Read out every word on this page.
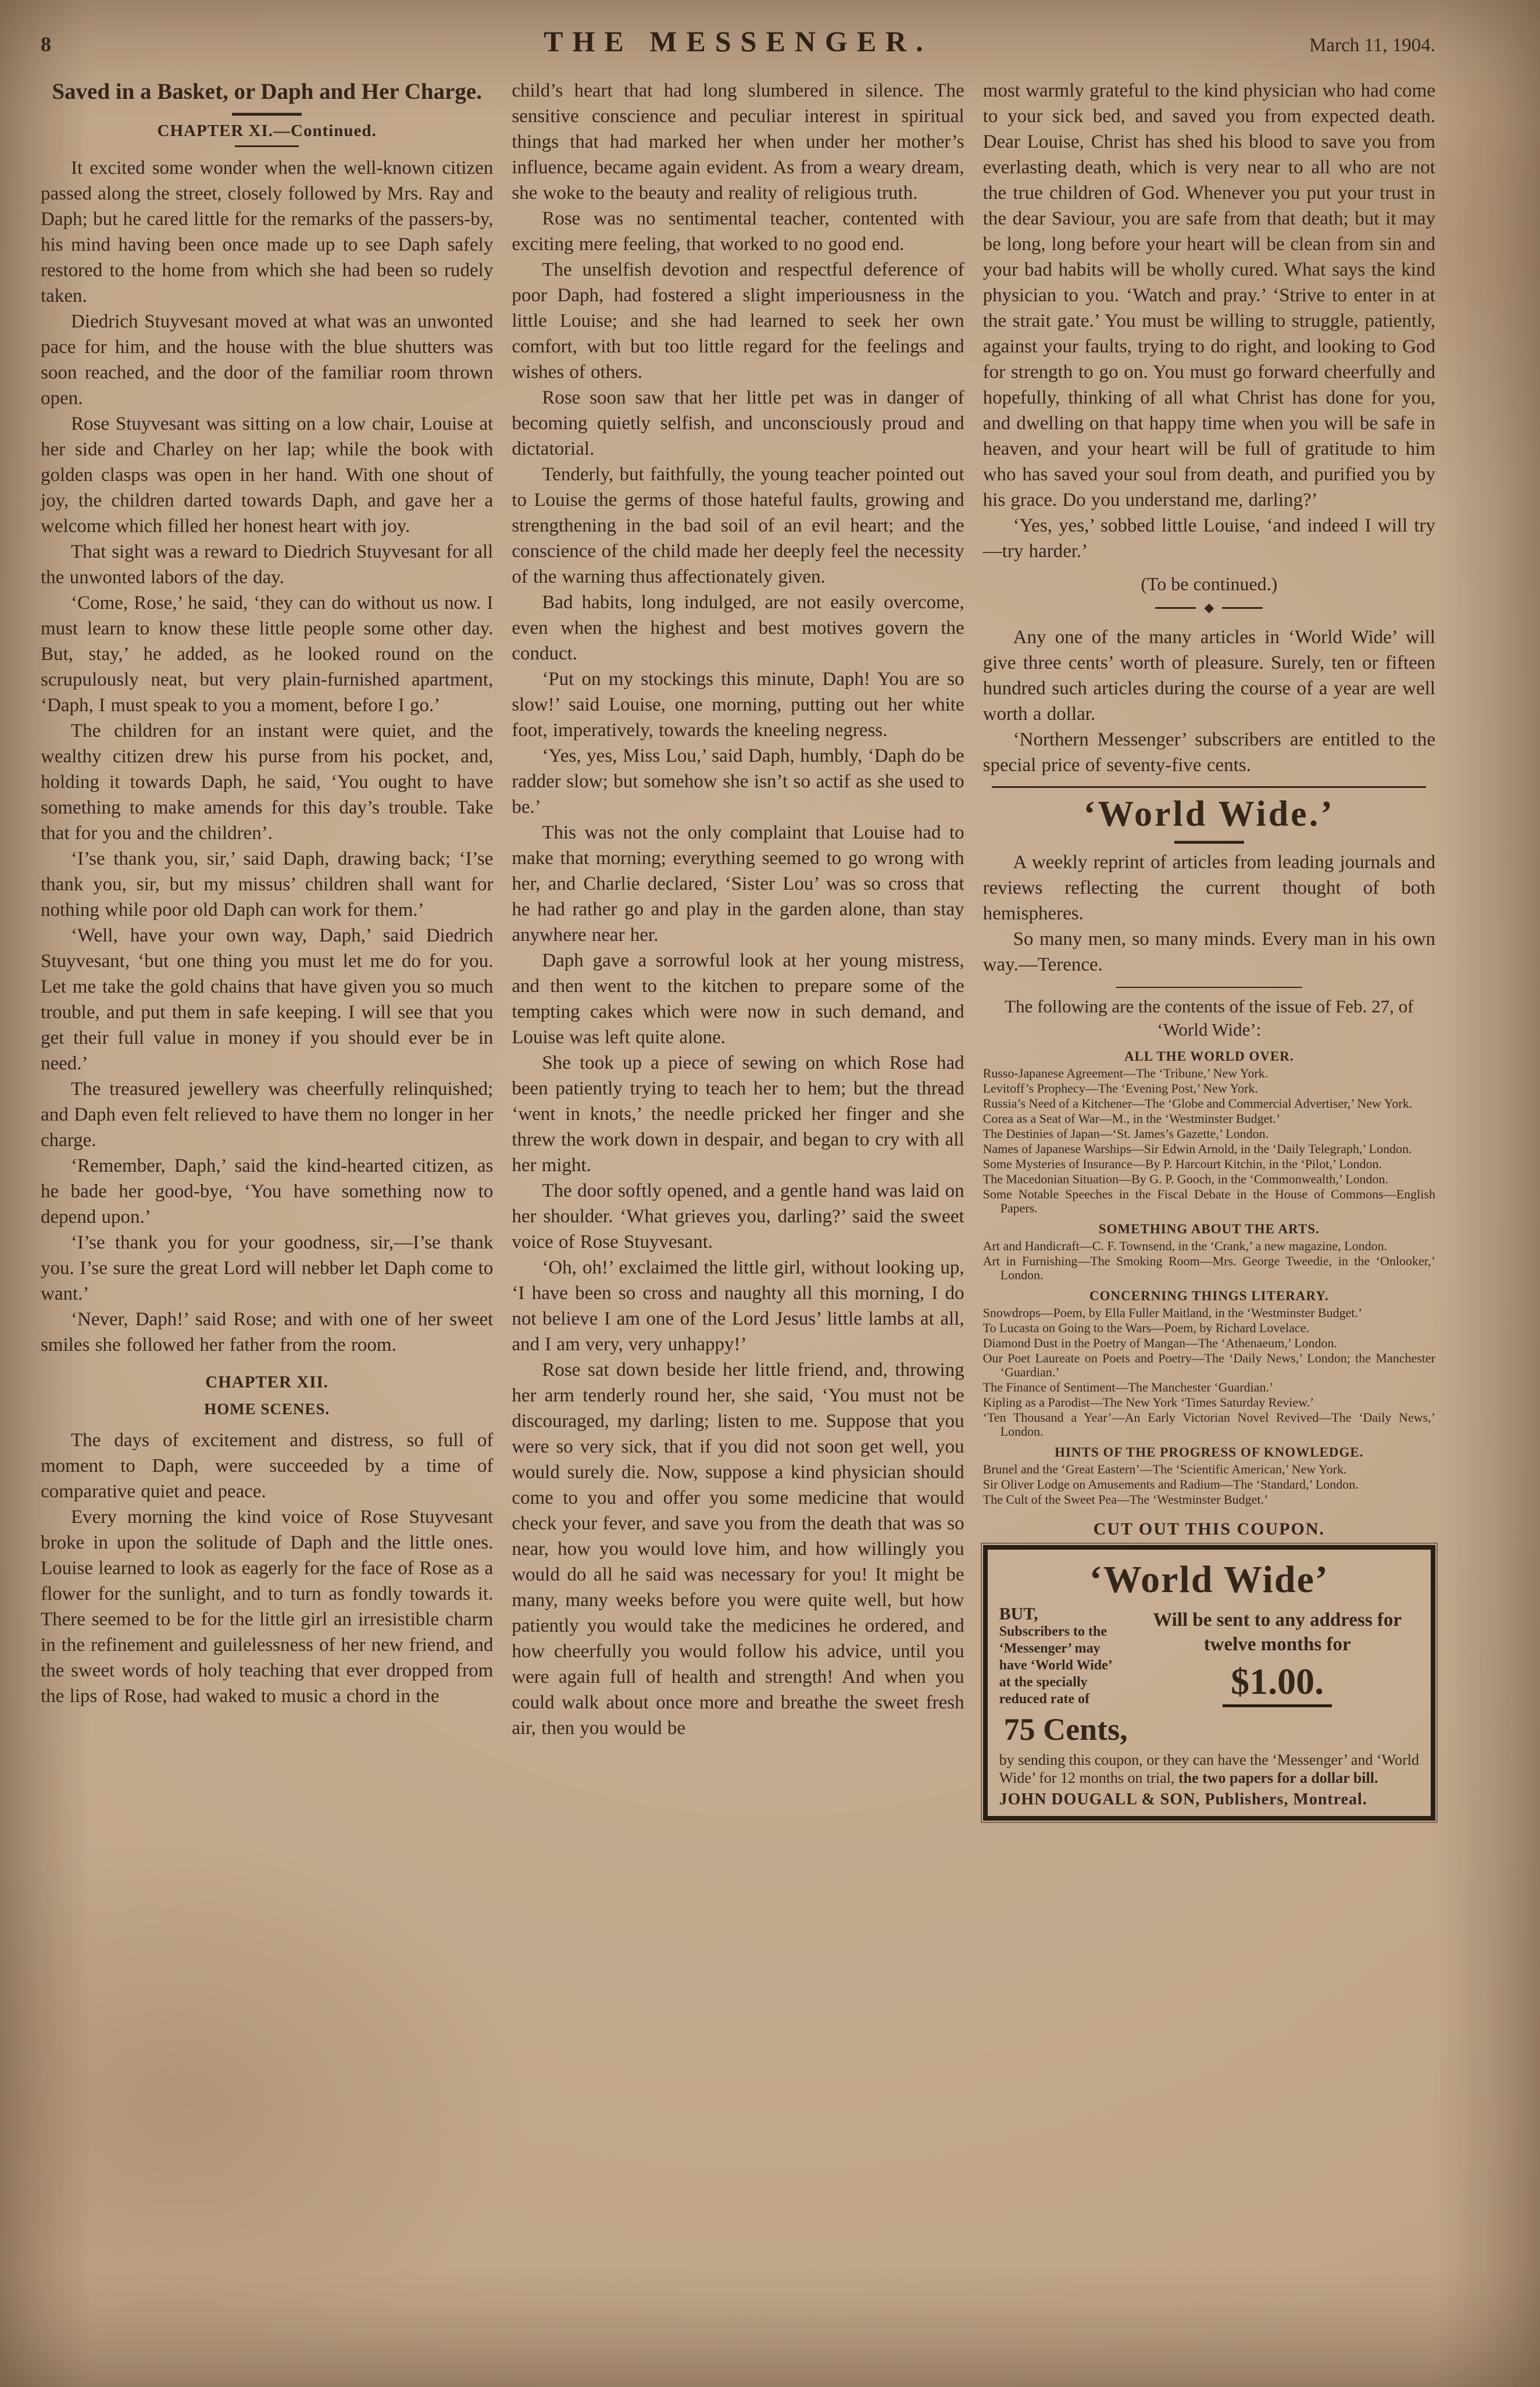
8	THE MESSENGER.	March 11, 1904.
Saved in a Basket, or Daph and Her Charge.
CHAPTER XI.—Continued.

It excited some wonder when the well-known citizen passed along the street, closely followed by Mrs. Ray and Daph; but he cared little for the remarks of the passers-by, his mind having been once made up to see Daph safely restored to the home from which she had been so rudely taken.

Diedrich Stuyvesant moved at what was an unwonted pace for him, and the house with the blue shutters was soon reached, and the door of the familiar room thrown open.

Rose Stuyvesant was sitting on a low chair, Louise at her side and Charley on her lap; while the book with golden clasps was open in her hand. With one shout of joy, the children darted towards Daph, and gave her a welcome which filled her honest heart with joy.

That sight was a reward to Diedrich Stuyvesant for all the unwonted labors of the day.

‘Come, Rose,’ he said, ‘they can do without us now. I must learn to know these little people some other day. But, stay,’ he added, as he looked round on the scrupulously neat, but very plain-furnished apartment, ‘Daph, I must speak to you a moment, before I go.’

The children for an instant were quiet, and the wealthy citizen drew his purse from his pocket, and, holding it towards Daph, he said, ‘You ought to have something to make amends for this day’s trouble. Take that for you and the children’.

‘I’se thank you, sir,’ said Daph, drawing back; ‘I’se thank you, sir, but my missus’ children shall want for nothing while poor old Daph can work for them.’

‘Well, have your own way, Daph,’ said Diedrich Stuyvesant, ‘but one thing you must let me do for you. Let me take the gold chains that have given you so much trouble, and put them in safe keeping. I will see that you get their full value in money if you should ever be in need.’

The treasured jewellery was cheerfully relinquished; and Daph even felt relieved to have them no longer in her charge.

‘Remember, Daph,’ said the kind-hearted citizen, as he bade her good-bye, ‘You have something now to depend upon.’

‘I’se thank you for your goodness, sir,—I’se thank you. I’se sure the great Lord will nebber let Daph come to want.’

‘Never, Daph!’ said Rose; and with one of her sweet smiles she followed her father from the room.

CHAPTER XII.
HOME SCENES.

The days of excitement and distress, so full of moment to Daph, were succeeded by a time of comparative quiet and peace.

Every morning the kind voice of Rose Stuyvesant broke in upon the solitude of Daph and the little ones. Louise learned to look as eagerly for the face of Rose as a flower for the sunlight, and to turn as fondly towards it. There seemed to be for the little girl an irresistible charm in the refinement and guilelessness of her new friend, and the sweet words of holy teaching that ever dropped from the lips of Rose, had waked to music a chord in the

child’s heart that had long slumbered in silence. The sensitive conscience and peculiar interest in spiritual things that had marked her when under her mother’s influence, became again evident. As from a weary dream, she woke to the beauty and reality of religious truth.

Rose was no sentimental teacher, contented with exciting mere feeling, that worked to no good end.

The unselfish devotion and respectful deference of poor Daph, had fostered a slight imperiousness in the little Louise; and she had learned to seek her own comfort, with but too little regard for the feelings and wishes of others.

Rose soon saw that her little pet was in danger of becoming quietly selfish, and unconsciously proud and dictatorial.

Tenderly, but faithfully, the young teacher pointed out to Louise the germs of those hateful faults, growing and strengthening in the bad soil of an evil heart; and the conscience of the child made her deeply feel the necessity of the warning thus affectionately given.

Bad habits, long indulged, are not easily overcome, even when the highest and best motives govern the conduct.

‘Put on my stockings this minute, Daph! You are so slow!’ said Louise, one morning, putting out her white foot, imperatively, towards the kneeling negress.

‘Yes, yes, Miss Lou,’ said Daph, humbly, ‘Daph do be radder slow; but somehow she isn’t so actif as she used to be.’

This was not the only complaint that Louise had to make that morning; everything seemed to go wrong with her, and Charlie declared, ‘Sister Lou’ was so cross that he had rather go and play in the garden alone, than stay anywhere near her.

Daph gave a sorrowful look at her young mistress, and then went to the kitchen to prepare some of the tempting cakes which were now in such demand, and Louise was left quite alone.

She took up a piece of sewing on which Rose had been patiently trying to teach her to hem; but the thread ‘went in knots,’ the needle pricked her finger and she threw the work down in despair, and began to cry with all her might.

The door softly opened, and a gentle hand was laid on her shoulder. ‘What grieves you, darling?’ said the sweet voice of Rose Stuyvesant.

‘Oh, oh!’ exclaimed the little girl, without looking up, ‘I have been so cross and naughty all this morning, I do not believe I am one of the Lord Jesus’ little lambs at all, and I am very, very unhappy!’

Rose sat down beside her little friend, and, throwing her arm tenderly round her, she said, ‘You must not be discouraged, my darling; listen to me. Suppose that you were so very sick, that if you did not soon get well, you would surely die. Now, suppose a kind physician should come to you and offer you some medicine that would check your fever, and save you from the death that was so near, how you would love him, and how willingly you would do all he said was necessary for you! It might be many, many weeks before you were quite well, but how patiently you would take the medicines he ordered, and how cheerfully you would follow his advice, until you were again full of health and strength! And when you could walk about once more and breathe the sweet fresh air, then you would be

most warmly grateful to the kind physician who had come to your sick bed, and saved you from expected death. Dear Louise, Christ has shed his blood to save you from everlasting death, which is very near to all who are not the true children of God. Whenever you put your trust in the dear Saviour, you are safe from that death; but it may be long, long before your heart will be clean from sin and your bad habits will be wholly cured. What says the kind physician to you. ‘Watch and pray.’ ‘Strive to enter in at the strait gate.’ You must be willing to struggle, patiently, against your faults, trying to do right, and looking to God for strength to go on. You must go forward cheerfully and hopefully, thinking of all what Christ has done for you, and dwelling on that happy time when you will be safe in heaven, and your heart will be full of gratitude to him who has saved your soul from death, and purified you by his grace. Do you understand me, darling?’

‘Yes, yes,’ sobbed little Louise, ‘and indeed I will try—try harder.’

(To be continued.)

◆

Any one of the many articles in ‘World Wide’ will give three cents’ worth of pleasure. Surely, ten or fifteen hundred such articles during the course of a year are well worth a dollar.

‘Northern Messenger’ subscribers are entitled to the special price of seventy-five cents.

‘World Wide.’

A weekly reprint of articles from leading journals and reviews reflecting the current thought of both hemispheres.

So many men, so many minds. Every man in his own way.—Terence.

The following are the contents of the issue of Feb. 27, of ‘World Wide’:

ALL THE WORLD OVER.
Russo-Japanese Agreement—The ‘Tribune,’ New York.
Levitoff’s Prophecy—The ‘Evening Post,’ New York.
Russia’s Need of a Kitchener—The ‘Globe and Commercial Advertiser,’ New York.
Corea as a Seat of War—M., in the ‘Westminster Budget.’
The Destinies of Japan—‘St. James’s Gazette,’ London.
Names of Japanese Warships—Sir Edwin Arnold, in the ‘Daily Telegraph,’ London.
Some Mysteries of Insurance—By P. Harcourt Kitchin, in the ‘Pilot,’ London.
The Macedonian Situation—By G. P. Gooch, in the ‘Commonwealth,’ London.
Some Notable Speeches in the Fiscal Debate in the House of Commons—English Papers.
SOMETHING ABOUT THE ARTS.
Art and Handicraft—C. F. Townsend, in the ‘Crank,’ a new magazine, London.
Art in Furnishing—The Smoking Room—Mrs. George Tweedie, in the ‘Onlooker,’ London.
CONCERNING THINGS LITERARY.
Snowdrops—Poem, by Ella Fuller Maitland, in the ‘Westminster Budget.’
To Lucasta on Going to the Wars—Poem, by Richard Lovelace.
Diamond Dust in the Poetry of Mangan—The ‘Athenaeum,’ London.
Our Poet Laureate on Poets and Poetry—The ‘Daily News,’ London; the Manchester ‘Guardian.’
The Finance of Sentiment—The Manchester ‘Guardian.’
Kipling as a Parodist—The New York ‘Times Saturday Review.’
‘Ten Thousand a Year’—An Early Victorian Novel Revived—The ‘Daily News,’ London.
HINTS OF THE PROGRESS OF KNOWLEDGE.
Brunel and the ‘Great Eastern’—The ‘Scientific American,’ New York.
Sir Oliver Lodge on Amusements and Radium—The ‘Standard,’ London.
The Cult of the Sweet Pea—The ‘Westminster Budget.’

CUT OUT THIS COUPON.

‘World Wide’
BUT,
Subscribers to the ‘Messenger’ may have ‘World Wide’ at the specially reduced rate of
Will be sent to any address for twelve months for
$1.00.
75 Cents,

by sending this coupon, or they can have the ‘Messenger’ and ‘World Wide’ for 12 months on trial, the two papers for a dollar bill.

JOHN DOUGALL & SON, Publishers, Montreal.
